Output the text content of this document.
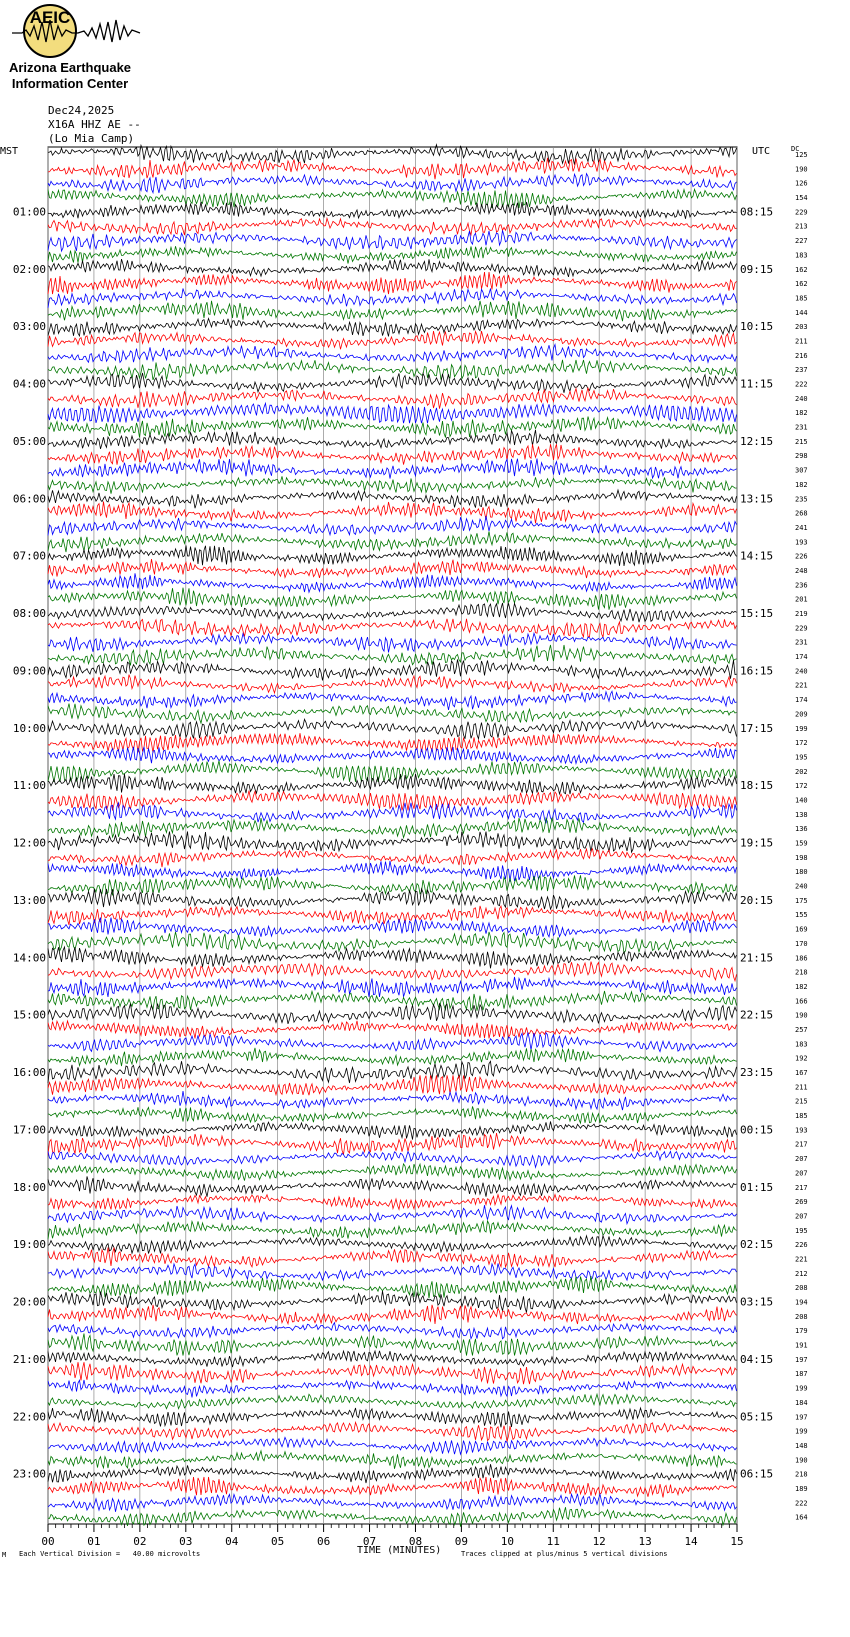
AEIC
Arizona Earthquake
Information Center
Dec24,2025
X16A HHZ AE --
(Lo Mia Camp)
MST	UTC	DC
00	01	02	03	04	05	06	07	08	09	10	11	12	13	14	15
125
190
126
154
229
213
227
183
162
162
185
144
203
211
216
237
222
240
182
231
215
298
307
182
235
268
241
193
226
248
236
201
219
229
231
174
240
221
174
209
199
172
195
202
172
140
138
136
159
198
180
240
175
155
169
170
186
218
182
166
190
257
183
192
167
211
215
185
193
217
207
207
217
269
207
195
226
221
212
208
194
208
179
191
197
187
199
184
197
199
148
190
218
189
222
164
01:00	08:15
02:00	09:15
03:00	10:15
04:00	11:15
05:00	12:15
06:00	13:15
07:00	14:15
08:00	15:15
09:00	16:15
10:00	17:15
11:00	18:15
12:00	19:15
13:00	20:15
14:00	21:15
15:00	22:15
16:00	23:15
17:00	00:15
18:00	01:15
19:00	02:15
20:00	03:15
21:00	04:15
22:00	05:15
23:00	06:15
TIME (MINUTES)
M Each Vertical Division =   40.00 microvolts	Traces clipped at plus/minus 5 vertical divisions
